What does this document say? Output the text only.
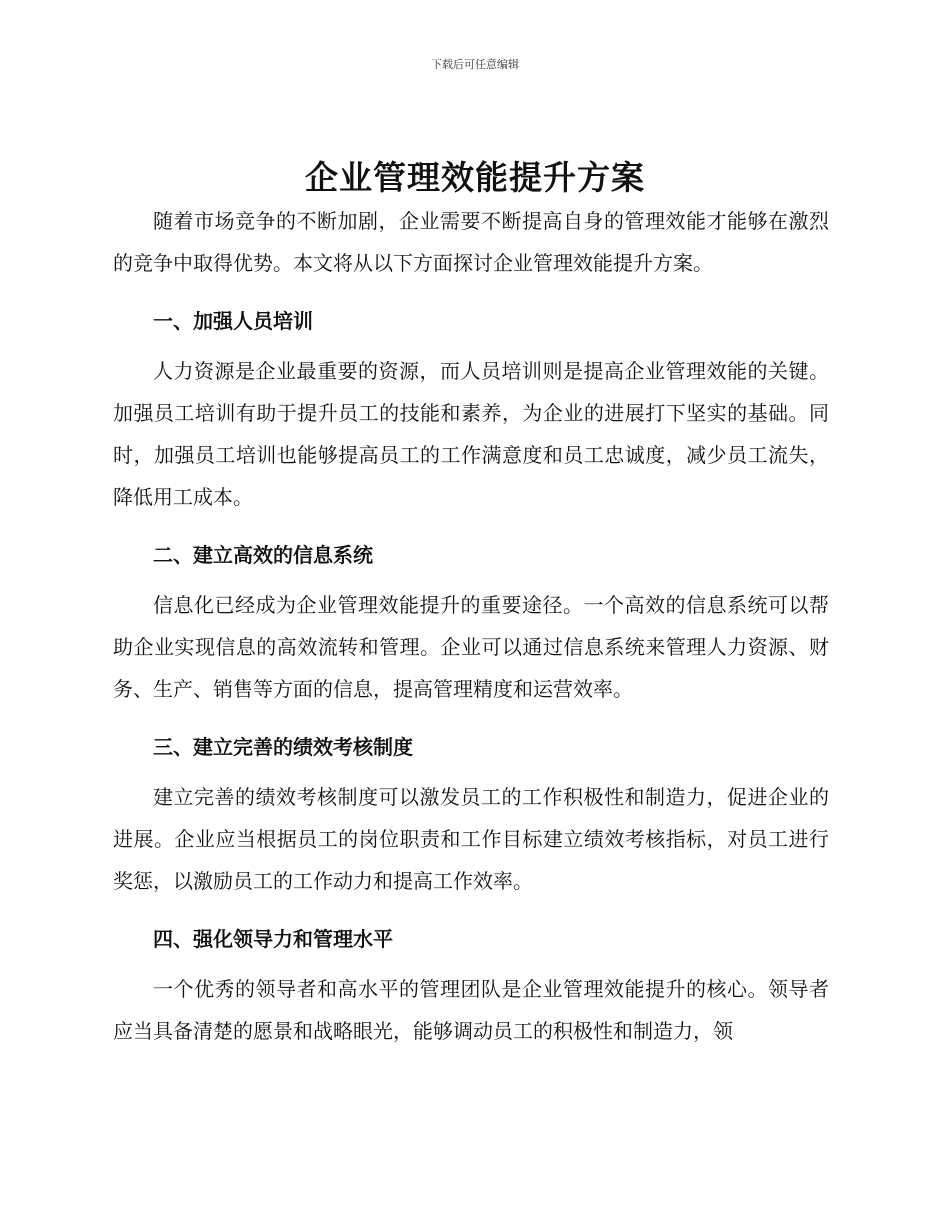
下载后可任意编辑
企业管理效能提升方案

随着市场竞争的不断加剧，企业需要不断提高自身的管理效能才能够在激烈的竞争中取得优势。本文将从以下方面探讨企业管理效能提升方案。

一、加强人员培训

人力资源是企业最重要的资源，而人员培训则是提高企业管理效能的关键。加强员工培训有助于提升员工的技能和素养，为企业的进展打下坚实的基础。同时，加强员工培训也能够提高员工的工作满意度和员工忠诚度，减少员工流失，降低用工成本。

二、建立高效的信息系统

信息化已经成为企业管理效能提升的重要途径。一个高效的信息系统可以帮助企业实现信息的高效流转和管理。企业可以通过信息系统来管理人力资源、财务、生产、销售等方面的信息，提高管理精度和运营效率。

三、建立完善的绩效考核制度

建立完善的绩效考核制度可以激发员工的工作积极性和制造力，促进企业的进展。企业应当根据员工的岗位职责和工作目标建立绩效考核指标，对员工进行奖惩，以激励员工的工作动力和提高工作效率。

四、强化领导力和管理水平

一个优秀的领导者和高水平的管理团队是企业管理效能提升的核心。领导者应当具备清楚的愿景和战略眼光，能够调动员工的积极性和制造力，领
